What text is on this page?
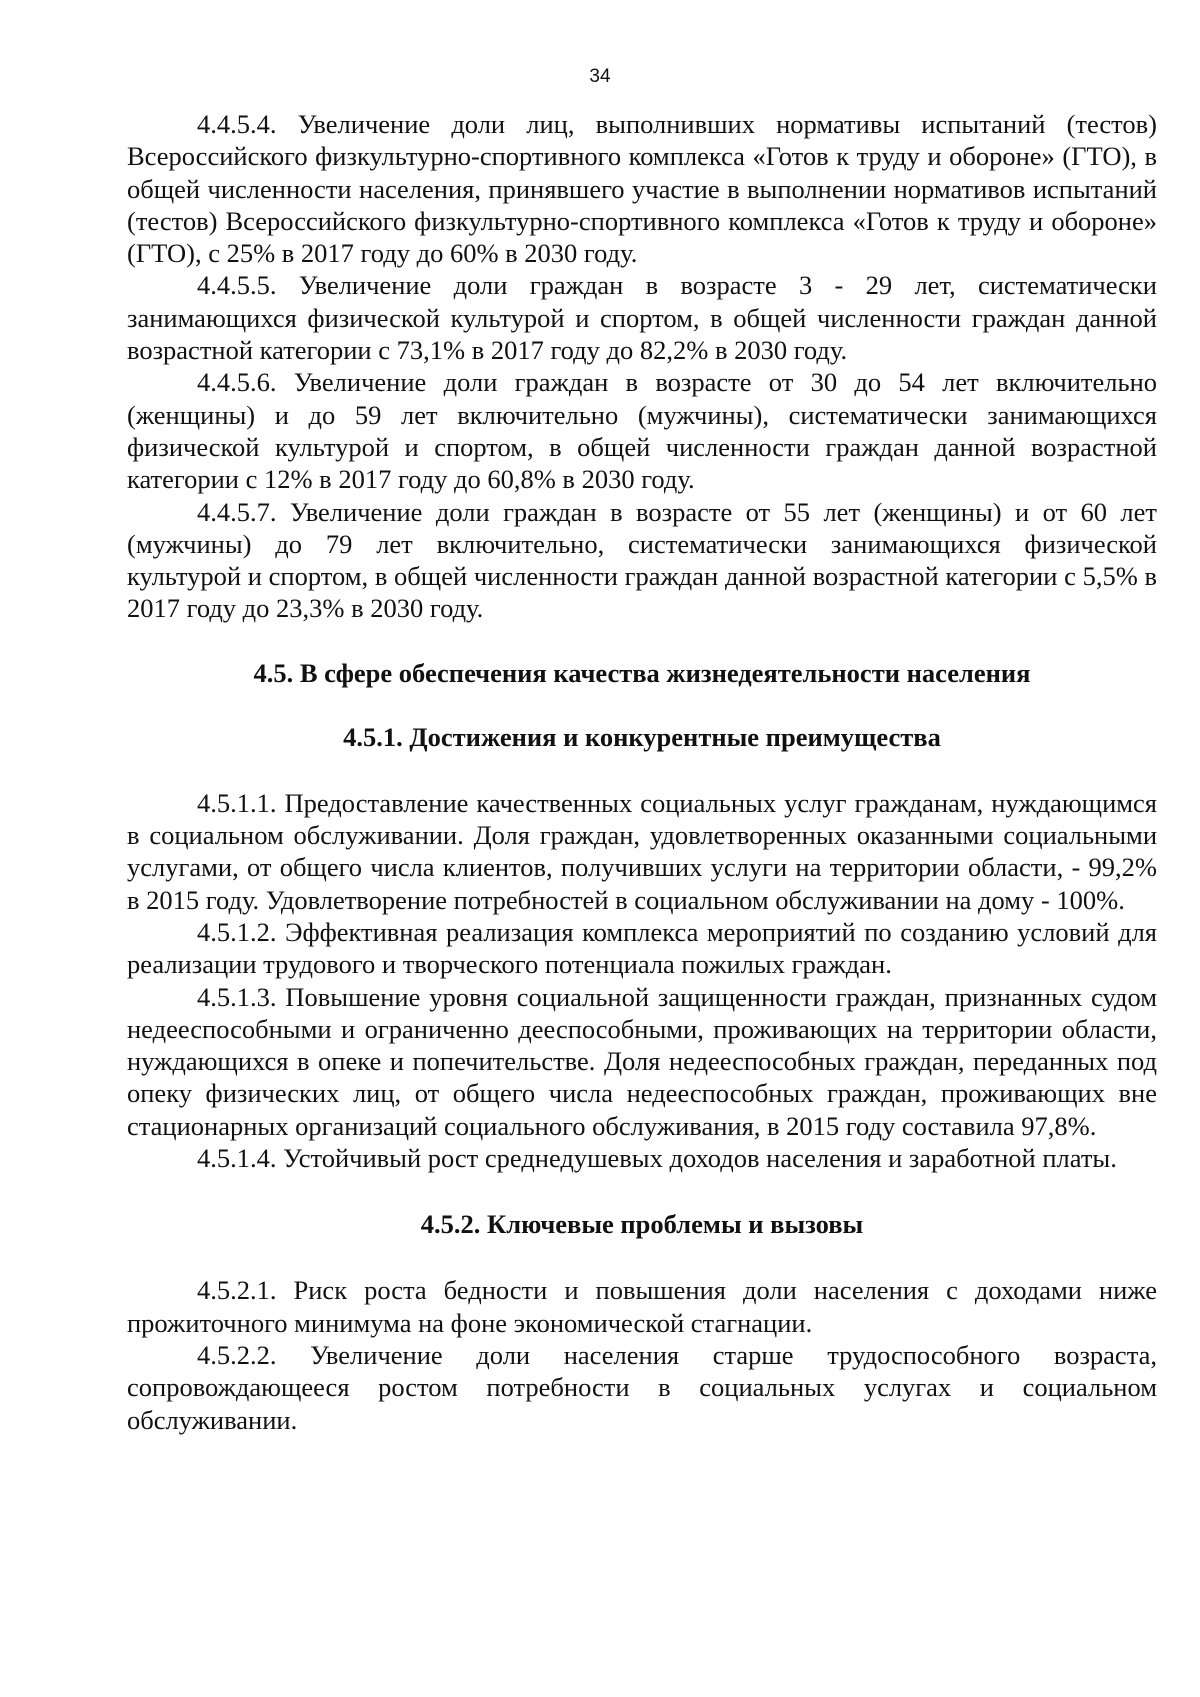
34

4.4.5.4. Увеличение доли лиц, выполнивших нормативы испытаний (тестов) Всероссийского физкультурно-спортивного комплекса «Готов к труду и обороне» (ГТО), в общей численности населения, принявшего участие в выполнении нормативов испытаний (тестов) Всероссийского физкультурно-спортивного комплекса «Готов к труду и обороне» (ГТО), с 25% в 2017 году до 60% в 2030 году.

4.4.5.5. Увеличение доли граждан в возрасте 3 - 29 лет, систематически занимающихся физической культурой и спортом, в общей численности граждан данной возрастной категории с 73,1% в 2017 году до 82,2% в 2030 году.

4.4.5.6. Увеличение доли граждан в возрасте от 30 до 54 лет включительно (женщины) и до 59 лет включительно (мужчины), систематически занимающихся физической культурой и спортом, в общей численности граждан данной возрастной категории с 12% в 2017 году до 60,8% в 2030 году.

4.4.5.7. Увеличение доли граждан в возрасте от 55 лет (женщины) и от 60 лет (мужчины) до 79 лет включительно, систематически занимающихся физической культурой и спортом, в общей численности граждан данной возрастной категории с 5,5% в 2017 году до 23,3% в 2030 году.

4.5. В сфере обеспечения качества жизнедеятельности населения
4.5.1. Достижения и конкурентные преимущества

4.5.1.1. Предоставление качественных социальных услуг гражданам, нуждающимся в социальном обслуживании. Доля граждан, удовлетворенных оказанными социальными услугами, от общего числа клиентов, получивших услуги на территории области, - 99,2% в 2015 году. Удовлетворение потребностей в социальном обслуживании на дому - 100%.

4.5.1.2. Эффективная реализация комплекса мероприятий по созданию условий для реализации трудового и творческого потенциала пожилых граждан.

4.5.1.3. Повышение уровня социальной защищенности граждан, признанных судом недееспособными и ограниченно дееспособными, проживающих на территории области, нуждающихся в опеке и попечительстве. Доля недееспособных граждан, переданных под опеку физических лиц, от общего числа недееспособных граждан, проживающих вне стационарных организаций социального обслуживания, в 2015 году составила 97,8%.

4.5.1.4. Устойчивый рост среднедушевых доходов населения и заработной платы.

4.5.2. Ключевые проблемы и вызовы

4.5.2.1. Риск роста бедности и повышения доли населения с доходами ниже прожиточного минимума на фоне экономической стагнации.

4.5.2.2. Увеличение доли населения старше трудоспособного возраста, сопровождающееся ростом потребности в социальных услугах и социальном обслуживании.
